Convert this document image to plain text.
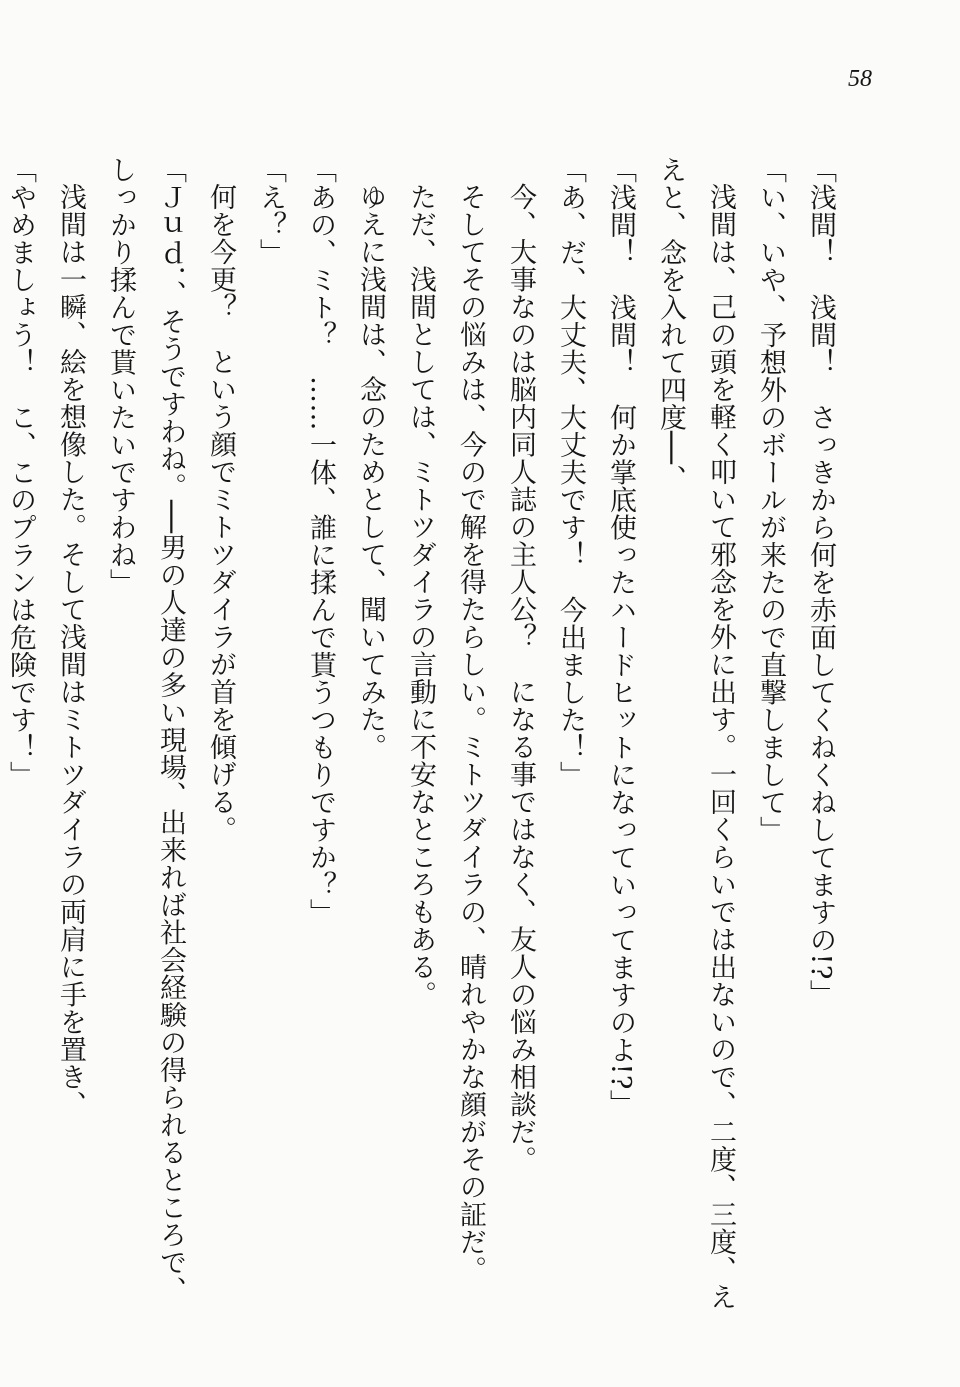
58
「浅間！　浅間！　さっきから何を赤面してくねくねしてますの!?」
「い、いや、予想外のボールが来たので直撃しまして」
浅間は、己の頭を軽く叩いて邪念を外に出す。一回くらいでは出ないので、二度、三度、え
えと、念を入れて四度──、
「浅間！　浅間！　何か掌底使ったハードヒットになっていってますのよ!?」
「あ、だ、大丈夫、大丈夫です！　今出ました！」
今、大事なのは脳内同人誌の主人公？　になる事ではなく、友人の悩み相談だ。
そしてその悩みは、今ので解を得たらしい。ミトツダイラの、晴れやかな顔がその証だ。
ただ、浅間としては、ミトツダイラの言動に不安なところもある。
ゆえに浅間は、念のためとして、聞いてみた。
「あの、ミト？　……一体、誰に揉んで貰うつもりですか？」
「え？」
何を今更？　という顔でミトツダイラが首を傾げる。
「Ｊｕｄ．、そうですわね。──男の人達の多い現場、出来れば社会経験の得られるところで、
しっかり揉んで貰いたいですわね」
浅間は一瞬、絵を想像した。そして浅間はミトツダイラの両肩に手を置き、
「やめましょう！　こ、このプランは危険です！」
